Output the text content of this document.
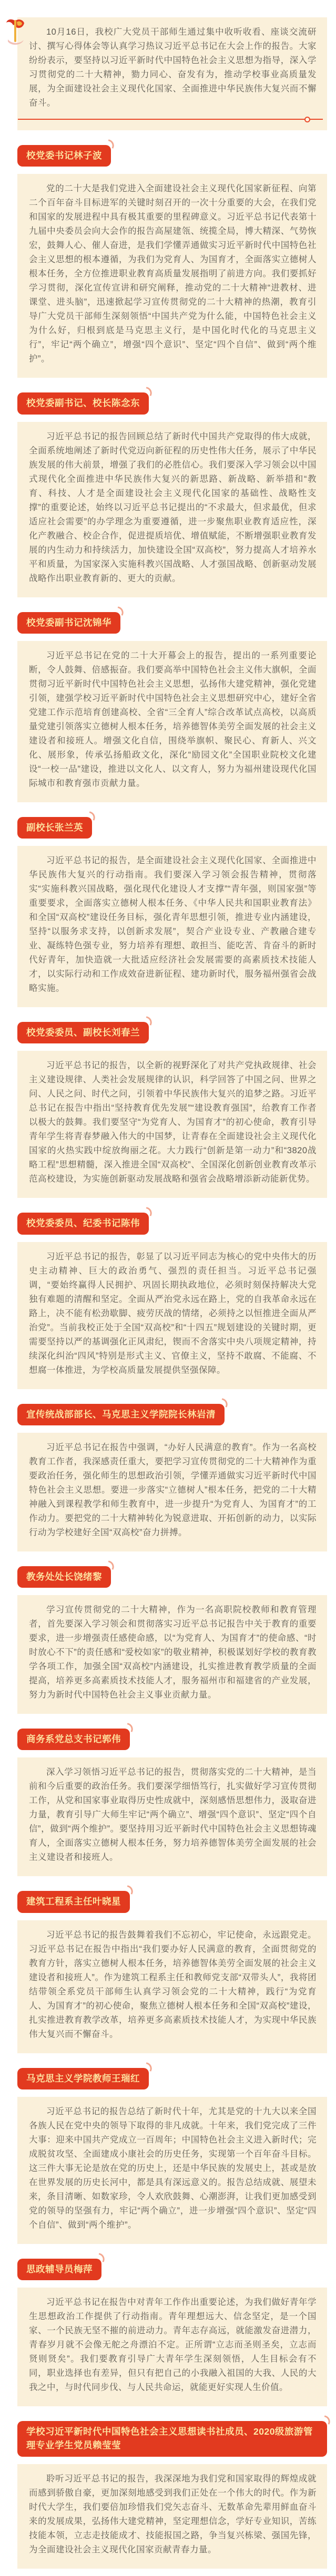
10月16日，我校广大党员干部师生通过集中收听收看、座谈交流研讨、撰写心得体会等认真学习热议习近平总书记在大会上作的报告。大家纷纷表示，要坚持以习近平新时代中国特色社会主义思想为指导，深入学习贯彻党的二十大精神，勠力同心、奋发有为，推动学校事业高质量发展，为全面建设社会主义现代化国家、全面推进中华民族伟大复兴而不懈奋斗。

校党委书记林子波

党的二十大是我们党进入全面建设社会主义现代化国家新征程、向第二个百年奋斗目标进军的关键时刻召开的一次十分重要的大会，在我们党和国家的发展进程中具有极其重要的里程碑意义。习近平总书记代表第十九届中央委员会向大会作的报告高屋建瓴、统揽全局，博大精深、气势恢宏，鼓舞人心、催人奋进，是我们学懂弄通做实习近平新时代中国特色社会主义思想的根本遵循，为我们为党育人、为国育才，全面落实立德树人根本任务，全方位推进职业教育高质量发展指明了前进方向。我们要抓好学习贯彻，深化宣传宣讲和研究阐释，推动党的二十大精神“进教材、进课堂、进头脑”，迅速掀起学习宣传贯彻党的二十大精神的热潮，教育引导广大党员干部师生深刻领悟“中国共产党为什么能，中国特色社会主义为什么好，归根到底是马克思主义行，是中国化时代化的马克思主义行”，牢记“两个确立”，增强“四个意识”、坚定“四个自信”、做到“两个维护”。

校党委副书记、校长陈念东

习近平总书记的报告回顾总结了新时代中国共产党取得的伟大成就，全面系统地阐述了新时代党迈向新征程的历史性伟大任务，展示了中华民族发展的伟大前景，增强了我们的必胜信心。我们要深入学习领会以中国式现代化全面推进中华民族伟大复兴的新思路、新战略、新举措和“教育、科技、人才是全面建设社会主义现代化国家的基础性、战略性支撑”的重要论述，始终以习近平总书记提出的“不求最大，但求最优，但求适应社会需要”的办学理念为重要遵循，进一步聚焦职业教育适应性，深化产教融合、校企合作，促进提质培优、增值赋能，不断增强职业教育发展的内生动力和持续活力，加快建设全国“双高校”，努力提高人才培养水平和质量，为国家深入实施科教兴国战略、人才强国战略、创新驱动发展战略作出职业教育新的、更大的贡献。

校党委副书记沈锦华

习近平总书记在党的二十大开幕会上的报告，提出的一系列重要论断，令人鼓舞、倍感振奋。我们要高举中国特色社会主义伟大旗帜，全面贯彻习近平新时代中国特色社会主义思想，弘扬伟大建党精神，强化党建引领，建强学校习近平新时代中国特色社会主义思想研究中心，建好全省党建工作示范培育创建高校、全省“三全育人”综合改革试点高校，以高质量党建引领落实立德树人根本任务，培养德智体美劳全面发展的社会主义建设者和接班人。增强文化自信，围绕举旗帜、聚民心、育新人、兴文化、展形象，传承弘扬船政文化，深化“励园文化”全国职业院校文化建设“一校一品”建设，推进以文化人、以文育人，努力为福州建设现代化国际城市和教育强市贡献力量。

副校长张兰英

习近平总书记的报告，是全面建设社会主义现代化国家、全面推进中华民族伟大复兴的行动指南。我们要深入学习领会报告精神，贯彻落实“实施科教兴国战略，强化现代化建设人才支撑”“青年强，则国家强”等重要要求，全面落实立德树人根本任务、《中华人民共和国职业教育法》和全国“双高校”建设任务目标，强化青年思想引领，推进专业内涵建设，坚持“以服务求支持，以创新求发展”，契合产业设专业、产教融合建专业、凝练特色强专业，努力培养有理想、敢担当、能吃苦、肯奋斗的新时代好青年，加快造就一大批适应经济社会发展需要的高素质技术技能人才，以实际行动和工作成效奋进新征程、建功新时代，服务福州强省会战略实施。

校党委委员、副校长刘春兰

习近平总书记的报告，以全新的视野深化了对共产党执政规律、社会主义建设规律、人类社会发展规律的认识，科学回答了中国之问、世界之问、人民之问、时代之问，引领着中华民族伟大复兴的追梦之路。习近平总书记在报告中指出“坚持教育优先发展”“建设教育强国”，给教育工作者以极大的鼓舞。我们要坚守“为党育人、为国育才”的初心使命，教育引导青年学生将青春梦融入伟大的中国梦，让青春在全面建设社会主义现代化国家的火热实践中绽放绚丽之花。大力践行“创新是第一动力”和“3820战略工程”思想精髓，深入推进全国“双高校”、全国深化创新创业教育改革示范高校建设，为实施创新驱动发展战略和强省会战略增添新动能新优势。

校党委委员、纪委书记陈伟

习近平总书记的报告，彰显了以习近平同志为核心的党中央伟大的历史主动精神、巨大的政治勇气、强烈的责任担当。习近平总书记强调，“要始终赢得人民拥护、巩固长期执政地位，必须时刻保持解决大党独有难题的清醒和坚定。全面从严治党永远在路上，党的自我革命永远在路上，决不能有松劲歇脚、疲劳厌战的情绪，必须持之以恒推进全面从严治党”。当前我校正处于全国“双高校”和“十四五”规划建设的关键时期，更需要坚持以严的基调强化正风肃纪，锲而不舍落实中央八项规定精神，持续深化纠治“四风”特别是形式主义、官僚主义，坚持不敢腐、不能腐、不想腐一体推进，为学校高质量发展提供坚强保障。

宣传统战部部长、马克思主义学院院长林岩清

习近平总书记在报告中强调，“办好人民满意的教育”。作为一名高校教育工作者，我深感责任重大，要把学习宣传贯彻党的二十大精神作为重要政治任务，强化师生的思想政治引领，学懂弄通做实习近平新时代中国特色社会主义思想。要进一步落实“立德树人”根本任务，把党的二十大精神融入到课程教学和师生教育中，进一步提升“为党育人、为国育才”的工作动力。要把党的二十大精神转化为锐意进取、开拓创新的动力，以实际行动为学校建好全国“双高校”奋力拼搏。

教务处处长饶绪黎

学习宣传贯彻党的二十大精神，作为一名高职院校教师和教育管理者，首先要深入学习领会和贯彻落实习近平总书记报告中关于教育的重要要求，进一步增强责任感使命感，以“为党育人、为国育才”的使命感、“时时放心不下”的责任感和“爱校如家”的敬业精神，积极谋划好学校的教育教学各项工作，加强全国“双高校”内涵建设，扎实推进教育教学质量的全面提高，培养更多高素质技术技能人才，服务福州市和福建省的产业发展，努力为新时代中国特色社会主义事业贡献力量。

商务系党总支书记郭伟

深入学习领悟习近平总书记的报告，贯彻落实党的二十大精神，是当前和今后重要的政治任务。我们要深学细悟笃行，扎实做好学习宣传贯彻工作，从党和国家事业取得历史性成就中，深刻感悟思想伟力，汲取奋进力量，教育引导广大师生牢记“两个确立”、增强“四个意识”、坚定“四个自信”，做到“两个维护”。要坚持用习近平新时代中国特色社会主义思想铸魂育人，全面落实立德树人根本任务，努力培养德智体美劳全面发展的社会主义建设者和接班人。

建筑工程系主任叶晓星

习近平总书记的报告鼓舞着我们不忘初心，牢记使命，永远跟党走。习近平总书记在报告中指出“我们要办好人民满意的教育，全面贯彻党的教育方针，落实立德树人根本任务，培养德智体美劳全面发展的社会主义建设者和接班人”。作为建筑工程系主任和教师党支部“双带头人”，我将团结带领全系党员干部师生认真学习领会党的二十大精神，践行“为党育人、为国育才”的初心使命，聚焦立德树人根本任务和全国“双高校”建设，扎实推进教育教学改革，培养更多高素质技术技能人才，为实现中华民族伟大复兴而不懈奋斗。

马克思主义学院教师王瑞红

习近平总书记的报告总结了新时代十年，尤其是党的十九大以来全国各族人民在党中央的领导下取得的非凡成就。十年来，我们党完成了三件大事：迎来中国共产党成立一百周年；中国特色社会主义进入新时代；完成脱贫攻坚、全面建成小康社会的历史任务，实现第一个百年奋斗目标。这三件大事无论是放在党的历史上，还是中华民族的发展史上，甚或是放在世界发展的历史长河中，都是具有深远意义的。报告总结成就、展望未来，条目清晰、如数家珍，令人欢欣鼓舞、心潮澎湃，让我们更加感受到党的领导的坚强有力，牢记“两个确立”，进一步增强“四个意识”、坚定“四个自信”、做到“两个维护”。

思政辅导员梅萍

习近平总书记在报告中对青年工作作出重要论述，为我们做好青年学生思想政治工作提供了行动指南。青年理想远大、信念坚定，是一个国家、一个民族无坚不摧的前进动力。青年志存高远，就能激发奋进潜力，青春岁月就不会像无舵之舟漂泊不定。正所谓“立志而圣则圣矣，立志而贤则贤矣”。我们要教育引导广大青年学生深刻领悟，人生目标会有不同，职业选择也有差异，但只有把自己的小我融入祖国的大我、人民的大我之中，与时代同步伐、与人民共命运，就能更好实现人生价值。

学校习近平新时代中国特色社会主义思想读书社成员、2020级旅游管理专业学生党员赖莹莹

聆听习近平总书记的报告，我深深地为我们党和国家取得的辉煌成就而感到骄傲自豪，更加深刻地感受到我们正处在一个伟大的时代。作为新时代大学生，我们要倍加珍惜我们党矢志奋斗、无数革命先辈用鲜血奋斗来的发展成果，弘扬伟大建党精神，坚定理想信念，学好专业知识，苦练技能本领，立志走技能成才、技能报国之路，争当复兴栋梁、强国先锋，为全面建设社会主义现代化国家贡献青春力量。
